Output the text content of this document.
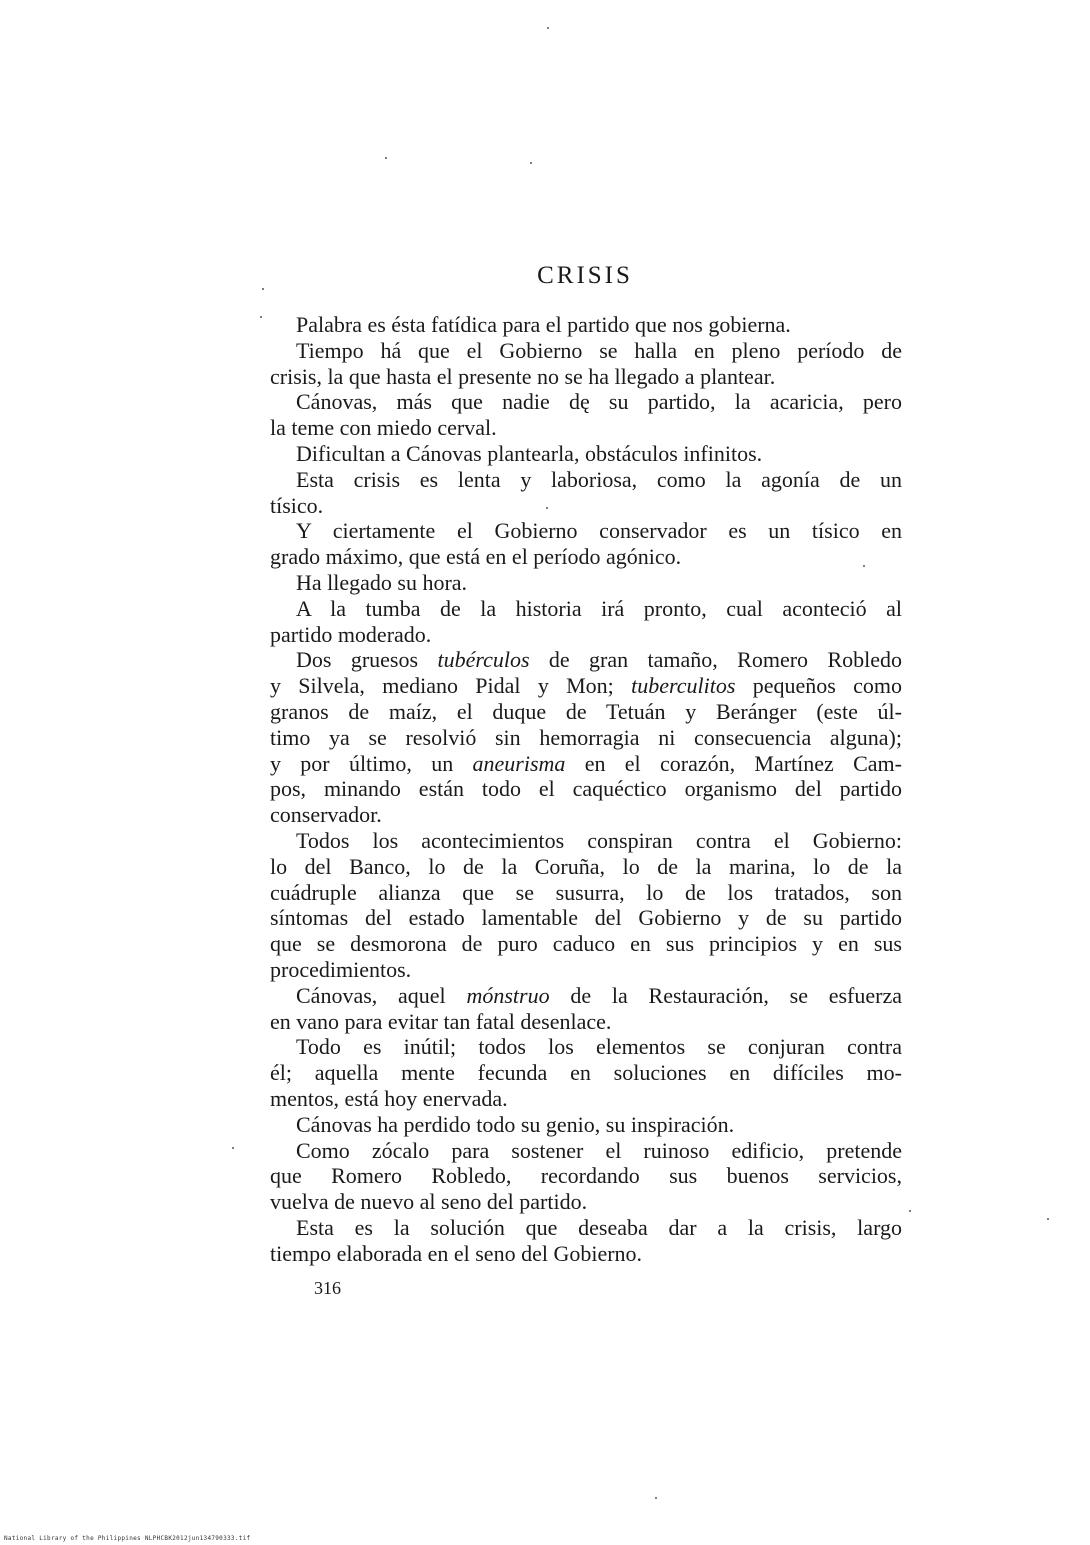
CRISIS
Palabra es ésta fatídica para el partido que nos gobierna.
Tiempo há que el Gobierno se halla en pleno período de
crisis, la que hasta el presente no se ha llegado a plantear.
Cánovas, más que nadie dę su partido, la acaricia, pero
la teme con miedo cerval.
Dificultan a Cánovas plantearla, obstáculos infinitos.
Esta crisis es lenta y laboriosa, como la agonía de un
tísico.
Y ciertamente el Gobierno conservador es un tísico en
grado máximo, que está en el período agónico.
Ha llegado su hora.
A la tumba de la historia irá pronto, cual aconteció al
partido moderado.
Dos gruesos tubérculos de gran tamaño, Romero Robledo
y Silvela, mediano Pidal y Mon; tuberculitos pequeños como
granos de maíz, el duque de Tetuán y Beránger (este úl-
timo ya se resolvió sin hemorragia ni consecuencia alguna);
y por último, un aneurisma en el corazón, Martínez Cam-
pos, minando están todo el caquéctico organismo del partido
conservador.
Todos los acontecimientos conspiran contra el Gobierno:
lo del Banco, lo de la Coruña, lo de la marina, lo de la
cuádruple alianza que se susurra, lo de los tratados, son
síntomas del estado lamentable del Gobierno y de su partido
que se desmorona de puro caduco en sus principios y en sus
procedimientos.
Cánovas, aquel mónstruo de la Restauración, se esfuerza
en vano para evitar tan fatal desenlace.
Todo es inútil; todos los elementos se conjuran contra
él; aquella mente fecunda en soluciones en difíciles mo-
mentos, está hoy enervada.
Cánovas ha perdido todo su genio, su inspiración.
Como zócalo para sostener el ruinoso edificio, pretende
que Romero Robledo, recordando sus buenos servicios,
vuelva de nuevo al seno del partido.
Esta es la solución que deseaba dar a la crisis, largo
tiempo elaborada en el seno del Gobierno.
316
National Library of the Philippines NLPHCBK2012jun134790333.tif
